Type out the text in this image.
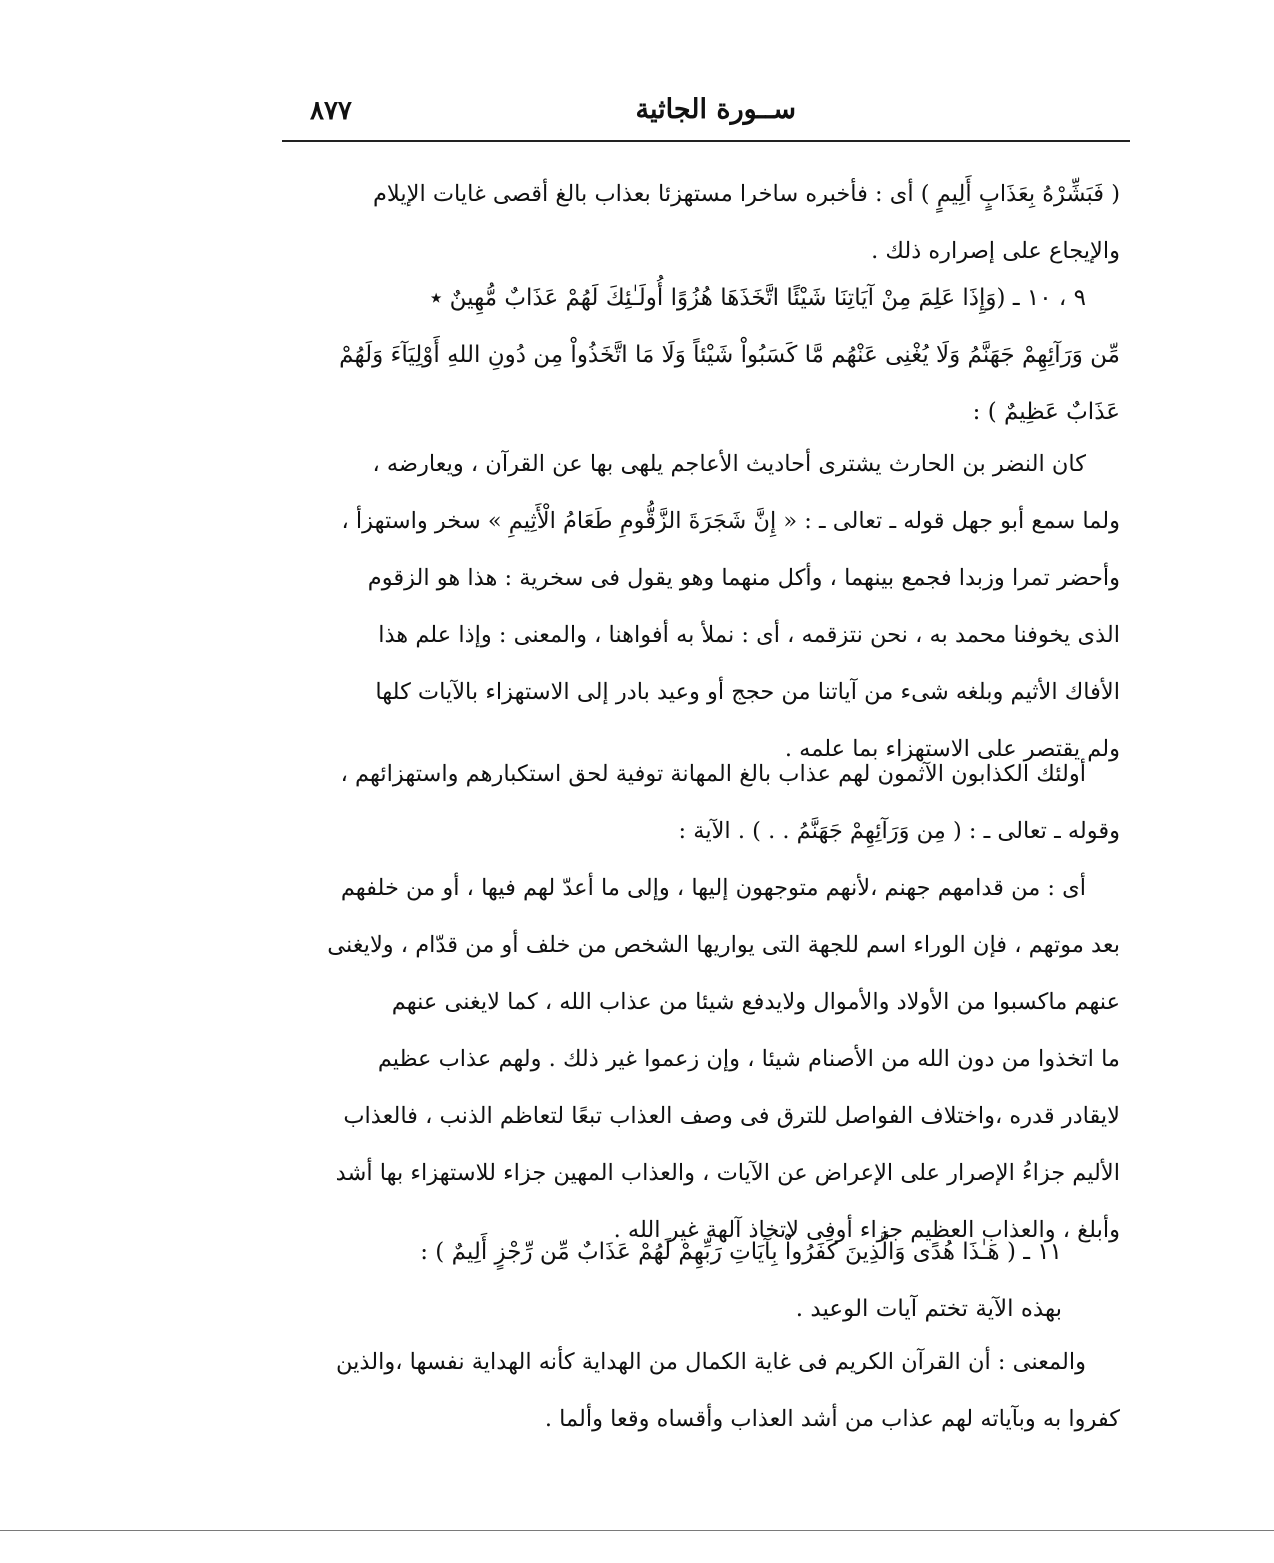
ســورة الجاثية
٨٧٧
( فَبَشِّرْهُ بِعَذَابٍ أَلِيمٍ ) أى : فأخبره ساخرا مستهزئا بعذاب بالغ أقصى غايات الإيلام
والإيجاع على إصراره ذلك .
٩ ، ١٠ ـ (وَإِذَا عَلِمَ مِنْ آيَاتِنَا شَيْئًا اتَّخَذَهَا هُزُوًا أُولَـٰئِكَ لَهُمْ عَذَابٌ مُّهِينٌ ٭
مِّن وَرَآئِهِمْ جَهَنَّمُ وَلَا يُغْنِى عَنْهُم مَّا كَسَبُواْ شَيْئاً وَلَا مَا اتَّخَذُواْ مِن دُونِ اللهِ أَوْلِيَآءَ وَلَهُمْ
عَذَابٌ عَظِيمٌ ) :
كان النضر بن الحارث يشترى أحاديث الأعاجم يلهى بها عن القرآن ، ويعارضه ،
ولما سمع أبو جهل قوله ـ تعالى ـ : « إِنَّ شَجَرَةَ الزَّقُّومِ طَعَامُ الْأَثِيمِ » سخر واستهزأ ،
وأحضر تمرا وزبدا فجمع بينهما ، وأكل منهما وهو يقول فى سخرية : هذا هو الزقوم
الذى يخوفنا محمد به ، نحن نتزقمه ، أى : نملأ به أفواهنا ، والمعنى : وإذا علم هذا
الأفاك الأثيم وبلغه شىء من آياتنا من حجج أو وعيد بادر إلى الاستهزاء بالآيات كلها
ولم يقتصر على الاستهزاء بما علمه .
أولئك الكذابون الآثمون لهم عذاب بالغ المهانة توفية لحق استكبارهم واستهزائهم ،
وقوله ـ تعالى ـ : ( مِن وَرَآئِهِمْ جَهَنَّمُ . . ) . الآية :
أى : من قدامهم جهنم ،لأنهم متوجهون إليها ، وإلى ما أعدّ لهم فيها ، أو من خلفهم
بعد موتهم ، فإن الوراء اسم للجهة التى يواريها الشخص من خلف أو من قدّام ، ولايغنى
عنهم ماكسبوا من الأولاد والأموال ولايدفع شيئا من عذاب الله ، كما لايغنى عنهم
ما اتخذوا من دون الله من الأصنام شيئا ، وإن زعموا غير ذلك . ولهم عذاب عظيم
لايقادر قدره ،واختلاف الفواصل للترق فى وصف العذاب تبعًا لتعاظم الذنب ، فالعذاب
الأليم جزاءُ الإصرار على الإعراض عن الآيات ، والعذاب المهين جزاء للاستهزاء بها أشد
وأبلغ ، والعذاب العظيم جزاء أوفى لاتخاذ آلهة غير الله .
١١ ـ ( هَـٰذَا هُدًى وَالَّذِينَ كَفَرُواْ بِآيَاتِ رَبِّهِمْ لَهُمْ عَذَابٌ مِّن رِّجْزٍ أَلِيمٌ ) :
بهذه الآية تختم آيات الوعيد .
والمعنى : أن القرآن الكريم فى غاية الكمال من الهداية كأنه الهداية نفسها ،والذين
كفروا به وبآياته لهم عذاب من أشد العذاب وأقساه وقعا وألما .
